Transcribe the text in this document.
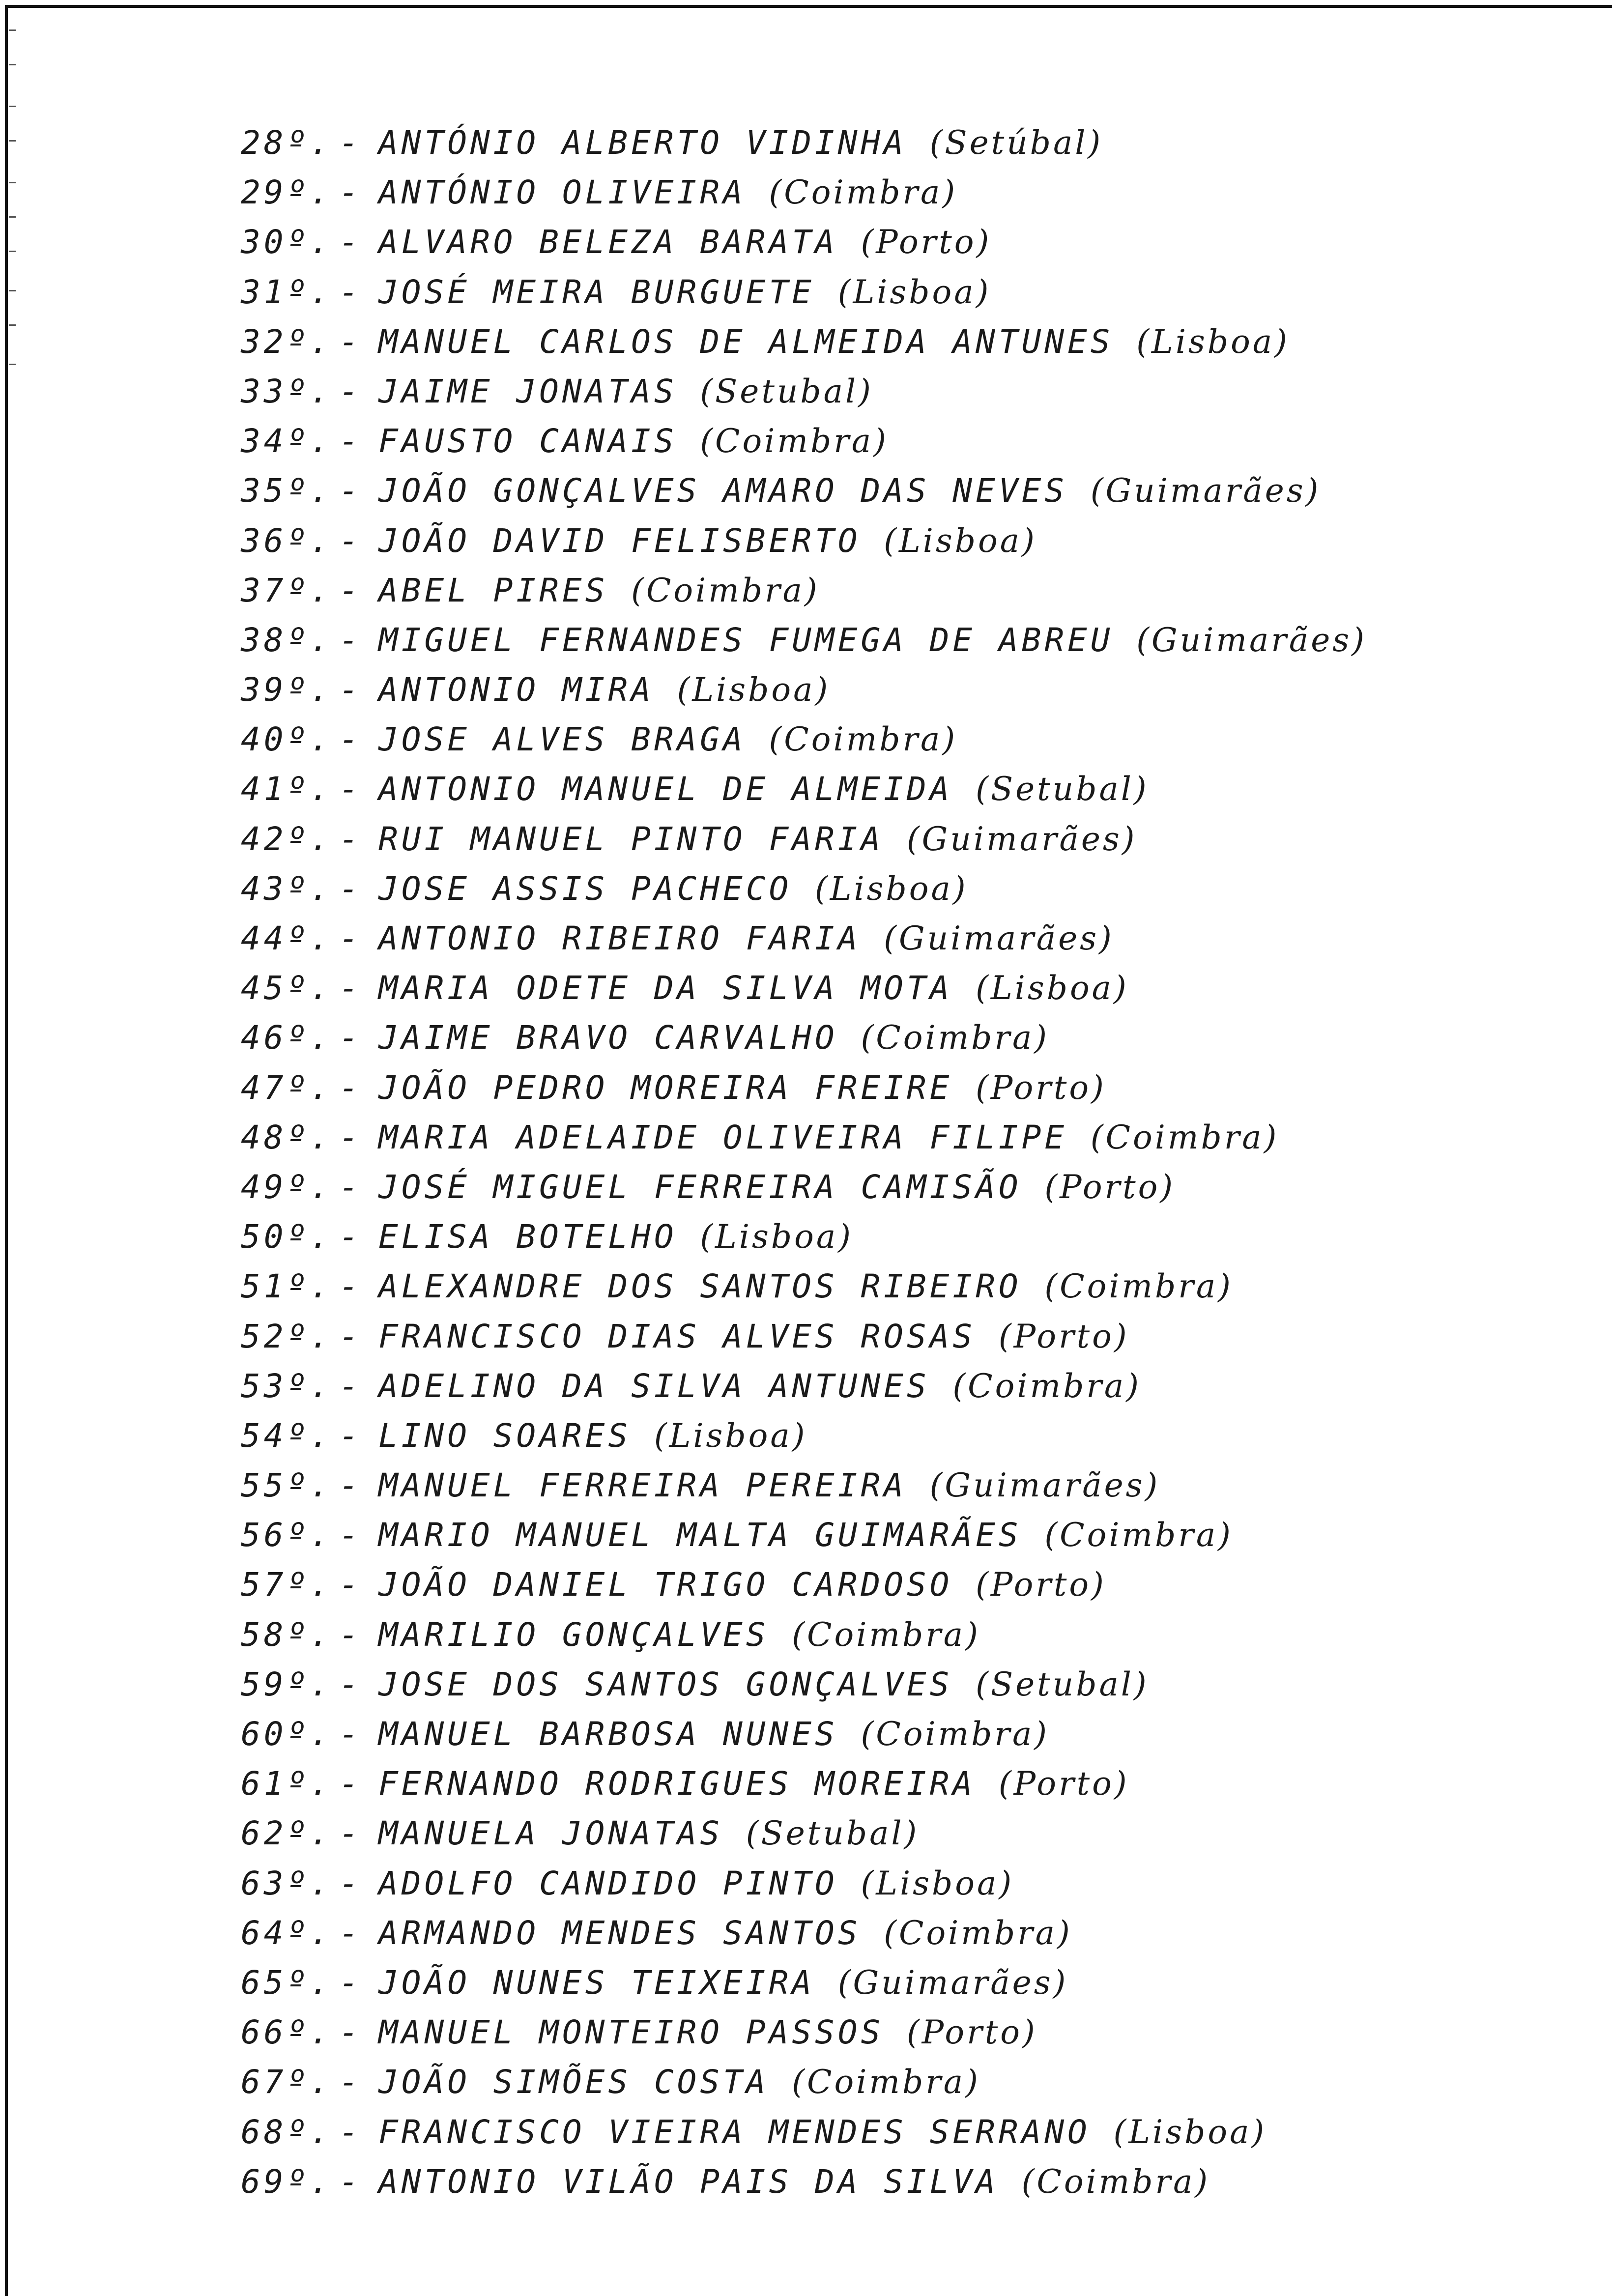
28º. - ANTÓNIO ALBERTO VIDINHA (Setúbal)
29º. - ANTÓNIO OLIVEIRA (Coimbra)
30º. - ALVARO BELEZA BARATA (Porto)
31º. - JOSÉ MEIRA BURGUETE (Lisboa)
32º. - MANUEL CARLOS DE ALMEIDA ANTUNES (Lisboa)
33º. - JAIME JONATAS (Setubal)
34º. - FAUSTO CANAIS (Coimbra)
35º. - JOÃO GONÇALVES AMARO DAS NEVES (Guimarães)
36º. - JOÃO DAVID FELISBERTO (Lisboa)
37º. - ABEL PIRES (Coimbra)
38º. - MIGUEL FERNANDES FUMEGA DE ABREU (Guimarães)
39º. - ANTONIO MIRA (Lisboa)
40º. - JOSE ALVES BRAGA (Coimbra)
41º. - ANTONIO MANUEL DE ALMEIDA (Setubal)
42º. - RUI MANUEL PINTO FARIA (Guimarães)
43º. - JOSE ASSIS PACHECO (Lisboa)
44º. - ANTONIO RIBEIRO FARIA (Guimarães)
45º. - MARIA ODETE DA SILVA MOTA (Lisboa)
46º. - JAIME BRAVO CARVALHO (Coimbra)
47º. - JOÃO PEDRO MOREIRA FREIRE (Porto)
48º. - MARIA ADELAIDE OLIVEIRA FILIPE (Coimbra)
49º. - JOSÉ MIGUEL FERREIRA CAMISÃO (Porto)
50º. - ELISA BOTELHO (Lisboa)
51º. - ALEXANDRE DOS SANTOS RIBEIRO (Coimbra)
52º. - FRANCISCO DIAS ALVES ROSAS (Porto)
53º. - ADELINO DA SILVA ANTUNES (Coimbra)
54º. - LINO SOARES (Lisboa)
55º. - MANUEL FERREIRA PEREIRA (Guimarães)
56º. - MARIO MANUEL MALTA GUIMARÃES (Coimbra)
57º. - JOÃO DANIEL TRIGO CARDOSO (Porto)
58º. - MARILIO GONÇALVES (Coimbra)
59º. - JOSE DOS SANTOS GONÇALVES (Setubal)
60º. - MANUEL BARBOSA NUNES (Coimbra)
61º. - FERNANDO RODRIGUES MOREIRA (Porto)
62º. - MANUELA JONATAS (Setubal)
63º. - ADOLFO CANDIDO PINTO (Lisboa)
64º. - ARMANDO MENDES SANTOS (Coimbra)
65º. - JOÃO NUNES TEIXEIRA (Guimarães)
66º. - MANUEL MONTEIRO PASSOS (Porto)
67º. - JOÃO SIMÕES COSTA (Coimbra)
68º. - FRANCISCO VIEIRA MENDES SERRANO (Lisboa)
69º. - ANTONIO VILÃO PAIS DA SILVA (Coimbra)
